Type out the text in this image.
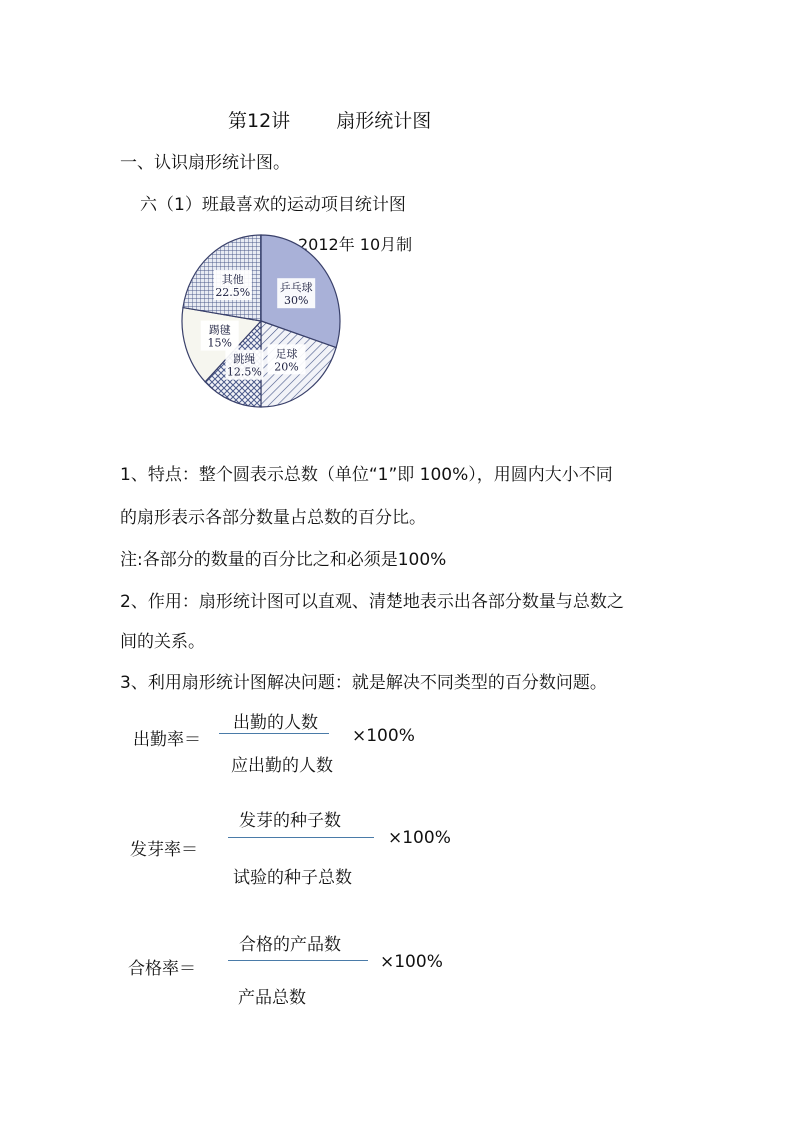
第12讲 扇形统计图
一、认识扇形统计图。
六（1）班最喜欢的运动项目统计图
2012年 10月制
乒乓球
30%
足球
20%
跳绳
12.5%
踢毽
15%
其他
22.5%
1、特点：整个圆表示总数（单位“1”即 100%），用圆内大小不同
的扇形表示各部分数量占总数的百分比。
注:各部分的数量的百分比之和必须是100%
2、作用：扇形统计图可以直观、清楚地表示出各部分数量与总数之
间的关系。
3、利用扇形统计图解决问题：就是解决不同类型的百分数问题。
出勤率＝
出勤的人数
应出勤的人数
×100%
发芽率＝
发芽的种子数
试验的种子总数
×100%
合格率＝
合格的产品数
产品总数
×100%
